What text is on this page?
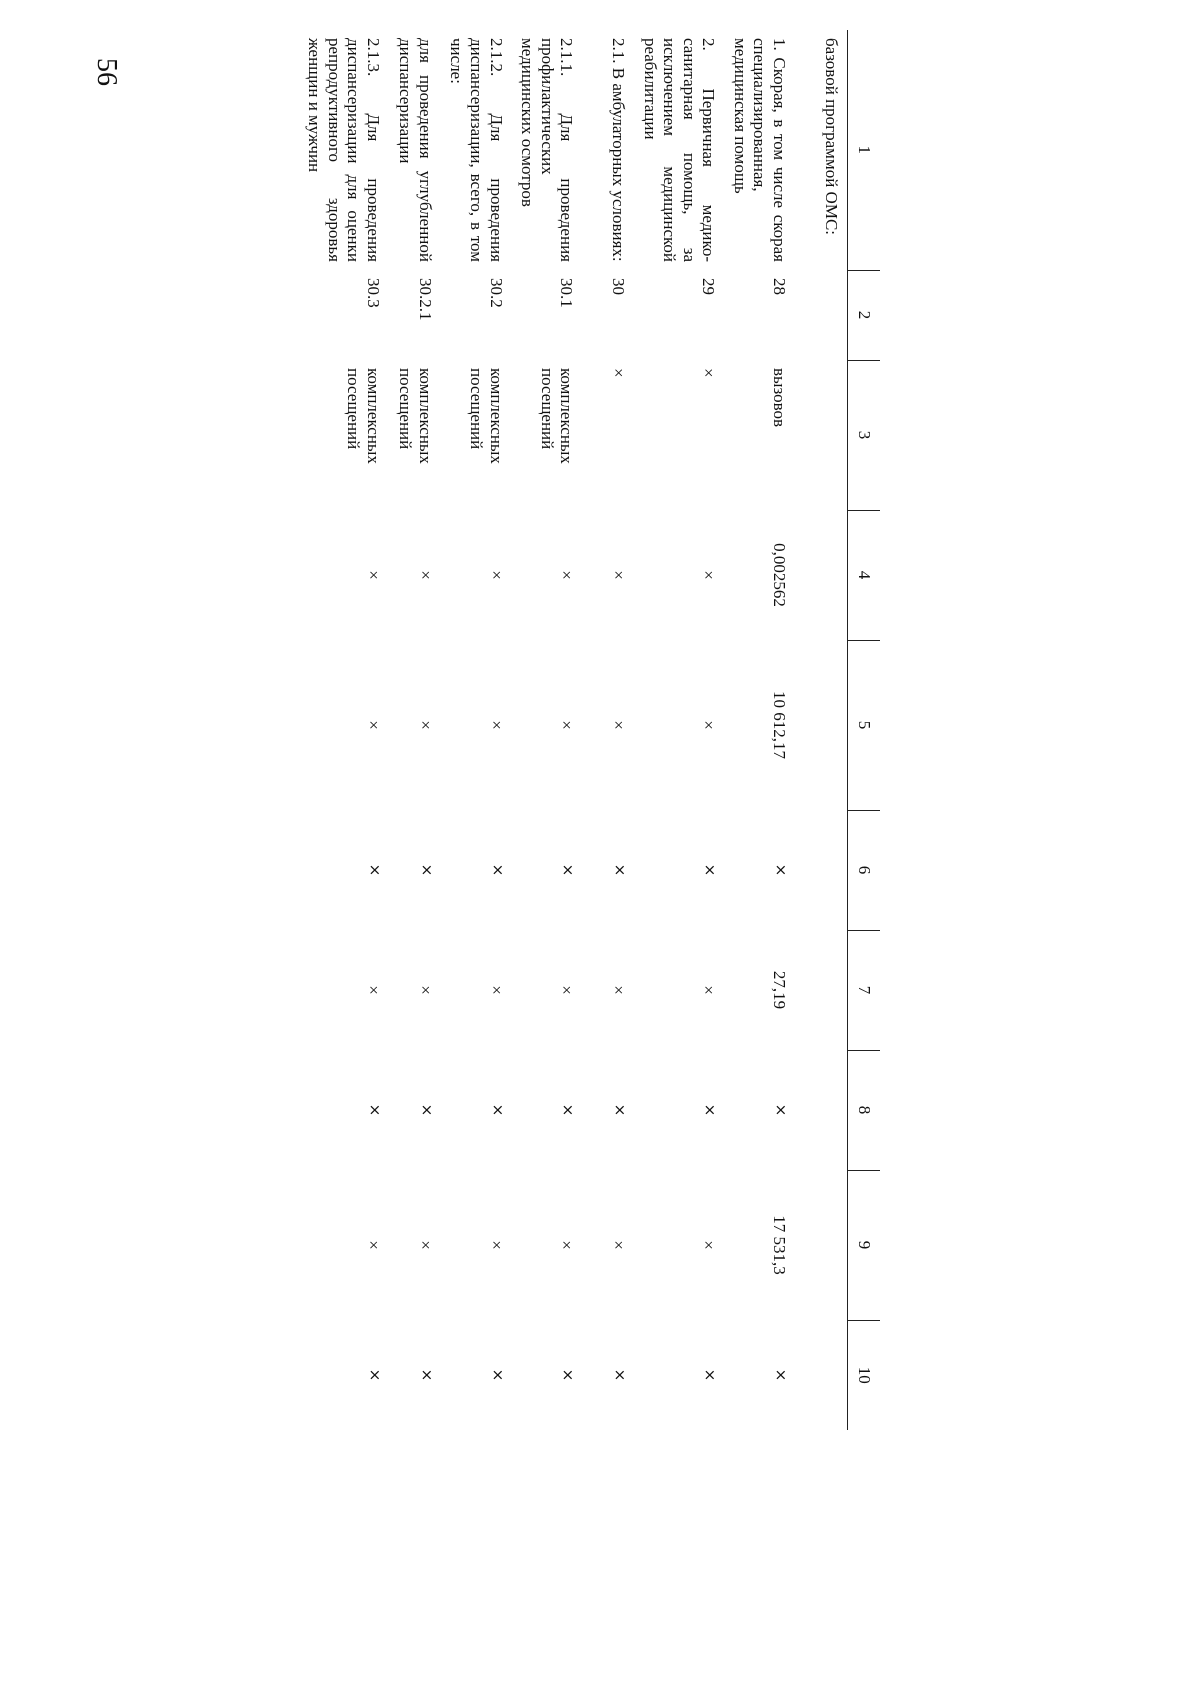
56
1	2	3	4	5	6	7	8	9	10
базовой программой ОМС:									
1. Скорая, в том числе скорая специализированная, медицинская помощь	28	вызовов	0,002562	10 612,17	×	27,19	×	17 531,3	×
2. Первичная медико-санитарная помощь, за исключением медицинской реабилитации	29	×	×	×	×	×	×	×	×
2.1. В амбулаторных условиях:	30	×	×	×	×	×	×	×	×
2.1.1. Для проведения профилактических медицинских осмотров	30.1	комплексных посещений	×	×	×	×	×	×	×
2.1.2. Для проведения диспансеризации, всего, в том числе:	30.2	комплексных посещений	×	×	×	×	×	×	×
для проведения углубленной диспансеризации	30.2.1	комплексных посещений	×	×	×	×	×	×	×
2.1.3. Для проведения диспансеризации для оценки репродуктивного здоровья женщин и мужчин	30.3	комплексных посещений	×	×	×	×	×	×	×
